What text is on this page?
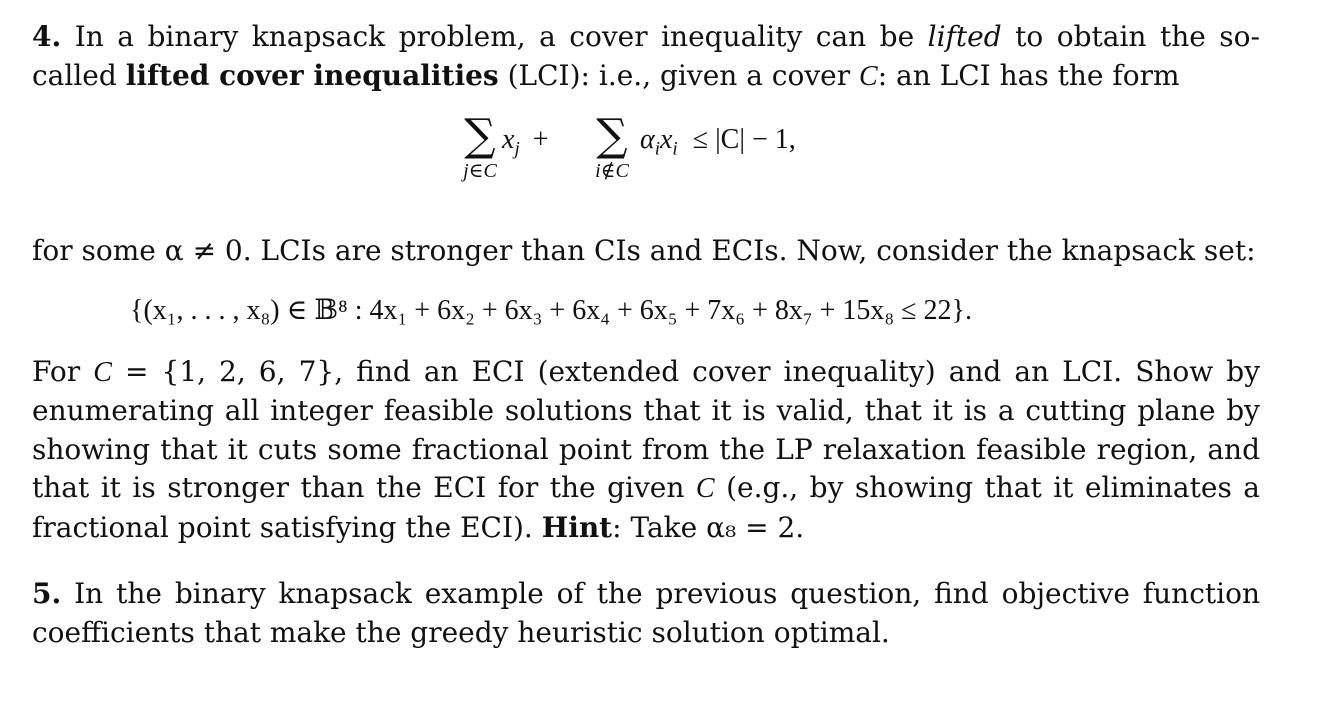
4. In a binary knapsack problem, a cover inequality can be lifted to obtain the so-called lifted cover inequalities (LCI): i.e., given a cover C: an LCI has the form

∑
j∈C
$x_j$ + ∑
i∉C
$\alpha_ix_i \le |C| - 1$,

for some α ≠ 0. LCIs are stronger than CIs and ECIs. Now, consider the knapsack set:

{(x₁, . . . , x₈) ∈ 𝔹⁸ : 4x₁ + 6x₂ + 6x₃ + 6x₄ + 6x₅ + 7x₆ + 8x₇ + 15x₈ ≤ 22}.

For C = {1, 2, 6, 7}, find an ECI (extended cover inequality) and an LCI. Show by enumerating all integer feasible solutions that it is valid, that it is a cutting plane by showing that it cuts some fractional point from the LP relaxation feasible region, and that it is stronger than the ECI for the given C (e.g., by showing that it eliminates a fractional point satisfying the ECI). Hint: Take α₈ = 2.

5. In the binary knapsack example of the previous question, find objective function coefficients that make the greedy heuristic solution optimal.
